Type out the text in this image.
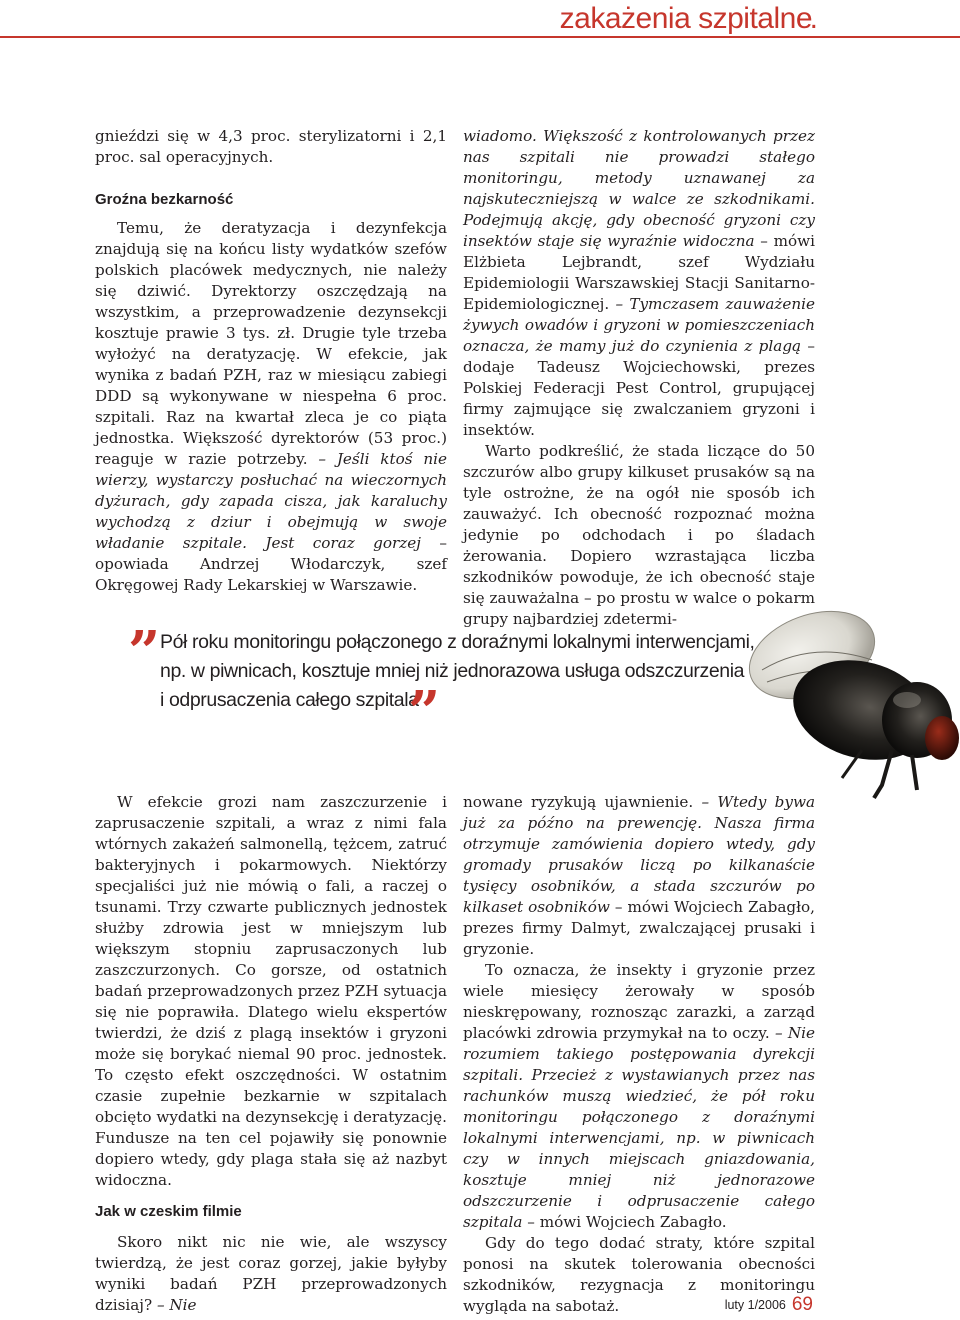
zakażenia szpitalne
.

gnieździ się w 4,3 proc. sterylizatorni i 2,1 proc. sal operacyjnych.

Groźna bezkarność

Temu, że deratyzacja i dezynfekcja znajdują się na końcu listy wydatków szefów polskich placówek medycznych, nie należy się dziwić. Dyrektorzy oszczędzają na wszystkim, a przeprowadzenie dezynsekcji kosztuje prawie 3 tys. zł. Drugie tyle trzeba wyłożyć na deratyzację. W efekcie, jak wynika z badań PZH, raz w miesiącu zabiegi DDD są wykonywane w niespełna 6 proc. szpitali. Raz na kwartał zleca je co piąta jednostka. Większość dyrektorów (53 proc.) reaguje w razie potrzeby. – Jeśli ktoś nie wierzy, wystarczy posłuchać na wieczornych dyżurach, gdy zapada cisza, jak karaluchy wychodzą z dziur i obejmują w swoje władanie szpitale. Jest coraz gorzej – opowiada Andrzej Włodarczyk, szef Okręgowej Rady Lekarskiej w Warszawie.

wiadomo. Większość z kontrolowanych przez nas szpitali nie prowadzi stałego monitoringu, metody uznawanej za najskuteczniejszą w walce ze szkodnikami. Podejmują akcję, gdy obecność gryzoni czy insektów staje się wyraźnie widoczna – mówi Elżbieta Lejbrandt, szef Wydziału Epidemiologii Warszawskiej Stacji Sanitarno-Epidemiologicznej. – Tymczasem zauważenie żywych owadów i gryzoni w pomieszczeniach oznacza, że mamy już do czynienia z plagą – dodaje Tadeusz Wojciechowski, prezes Polskiej Federacji Pest Control, grupującej firmy zajmujące się zwalczaniem gryzoni i insektów.

Warto podkreślić, że stada liczące do 50 szczurów albo grupy kilkuset prusaków są na tyle ostrożne, że na ogół nie sposób ich zauważyć. Ich obecność rozpoznać można jedynie po odchodach i po śladach żerowania. Dopiero wzrastająca liczba szkodników powoduje, że ich obecność staje się zauważalna – po prostu w walce o pokarm grupy najbardziej zdetermi-

” Pół roku monitoringu połączonego z doraźnymi lokalnymi interwencjami,
np. w piwnicach, kosztuje mniej niż jednorazowa usługa odszczurzenia
i odprusaczenia całego szpitala
”

W efekcie grozi nam zaszczurzenie i zaprusaczenie szpitali, a wraz z nimi fala wtórnych zakażeń salmonellą, tężcem, zatruć bakteryjnych i pokarmowych. Niektórzy specjaliści już nie mówią o fali, a raczej o tsunami. Trzy czwarte publicznych jednostek służby zdrowia jest w mniejszym lub większym stopniu zaprusaczonych lub zaszczurzonych. Co gorsze, od ostatnich badań przeprowadzonych przez PZH sytuacja się nie poprawiła. Dlatego wielu ekspertów twierdzi, że dziś z plagą insektów i gryzoni może się borykać niemal 90 proc. jednostek. To często efekt oszczędności. W ostatnim czasie zupełnie bezkarnie w szpitalach obcięto wydatki na dezynsekcję i deratyzację. Fundusze na ten cel pojawiły się ponownie dopiero wtedy, gdy plaga stała się aż nazbyt widoczna.

Jak w czeskim filmie

Skoro nikt nic nie wie, ale wszyscy twierdzą, że jest coraz gorzej, jakie byłyby wyniki badań PZH przeprowadzonych dzisiaj? – Nie

nowane ryzykują ujawnienie. – Wtedy bywa już za późno na prewencję. Nasza firma otrzymuje zamówienia dopiero wtedy, gdy gromady prusaków liczą po kilkanaście tysięcy osobników, a stada szczurów po kilkaset osobników – mówi Wojciech Zabagło, prezes firmy Dalmyt, zwalczającej prusaki i gryzonie.

To oznacza, że insekty i gryzonie przez wiele miesięcy żerowały w sposób nieskrępowany, roznosząc zarazki, a zarząd placówki zdrowia przymykał na to oczy. – Nie rozumiem takiego postępowania dyrekcji szpitali. Przecież z wystawianych przez nas rachunków muszą wiedzieć, że pół roku monitoringu połączonego z doraźnymi lokalnymi interwencjami, np. w piwnicach czy w innych miejscach gniazdowania, kosztuje mniej niż jednorazowe odszczurzenie i odprusaczenie całego szpitala – mówi Wojciech Zabagło.

Gdy do tego dodać straty, które szpital ponosi na skutek tolerowania obecności szkodników, rezygnacja z monitoringu wygląda na sabotaż.	luty 1/2006 69
